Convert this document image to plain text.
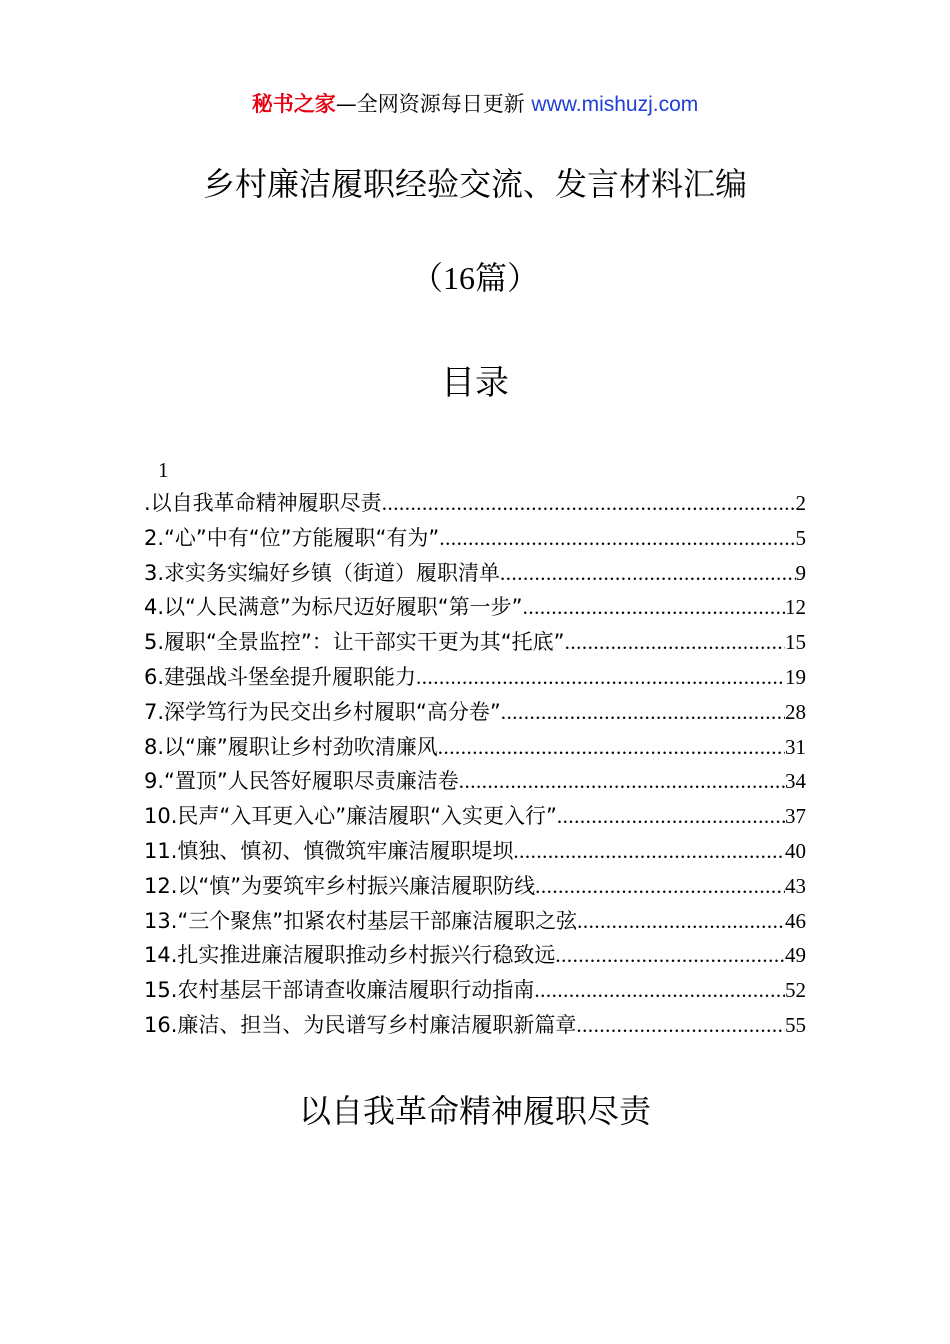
秘书之家—全网资源每日更新 www.mishuzj.com
乡村廉洁履职经验交流、发言材料汇编
（16篇）
目录
1
.以自我革命精神履职尽责 .....	2
2.“心”中有“位”方能履职“有为” .....	5
3.求实务实编好乡镇（街道）履职清单 .....	9
4.以“人民满意”为标尺迈好履职“第一步” .....	12
5.履职“全景监控”：让干部实干更为其“托底” .....	15
6.建强战斗堡垒提升履职能力 .....	19
7.深学笃行为民交出乡村履职“高分卷” .....	28
8.以“廉”履职让乡村劲吹清廉风 .....	31
9.“置顶”人民答好履职尽责廉洁卷 .....	34
10.民声“入耳更入心”廉洁履职“入实更入行” .....	37
11.慎独、慎初、慎微筑牢廉洁履职堤坝 .....	40
12.以“慎”为要筑牢乡村振兴廉洁履职防线 .....	43
13.“三个聚焦”扣紧农村基层干部廉洁履职之弦 .....	46
14.扎实推进廉洁履职推动乡村振兴行稳致远 .....	49
15.农村基层干部请查收廉洁履职行动指南 .....	52
16.廉洁、担当、为民谱写乡村廉洁履职新篇章 .....	55
以自我革命精神履职尽责
